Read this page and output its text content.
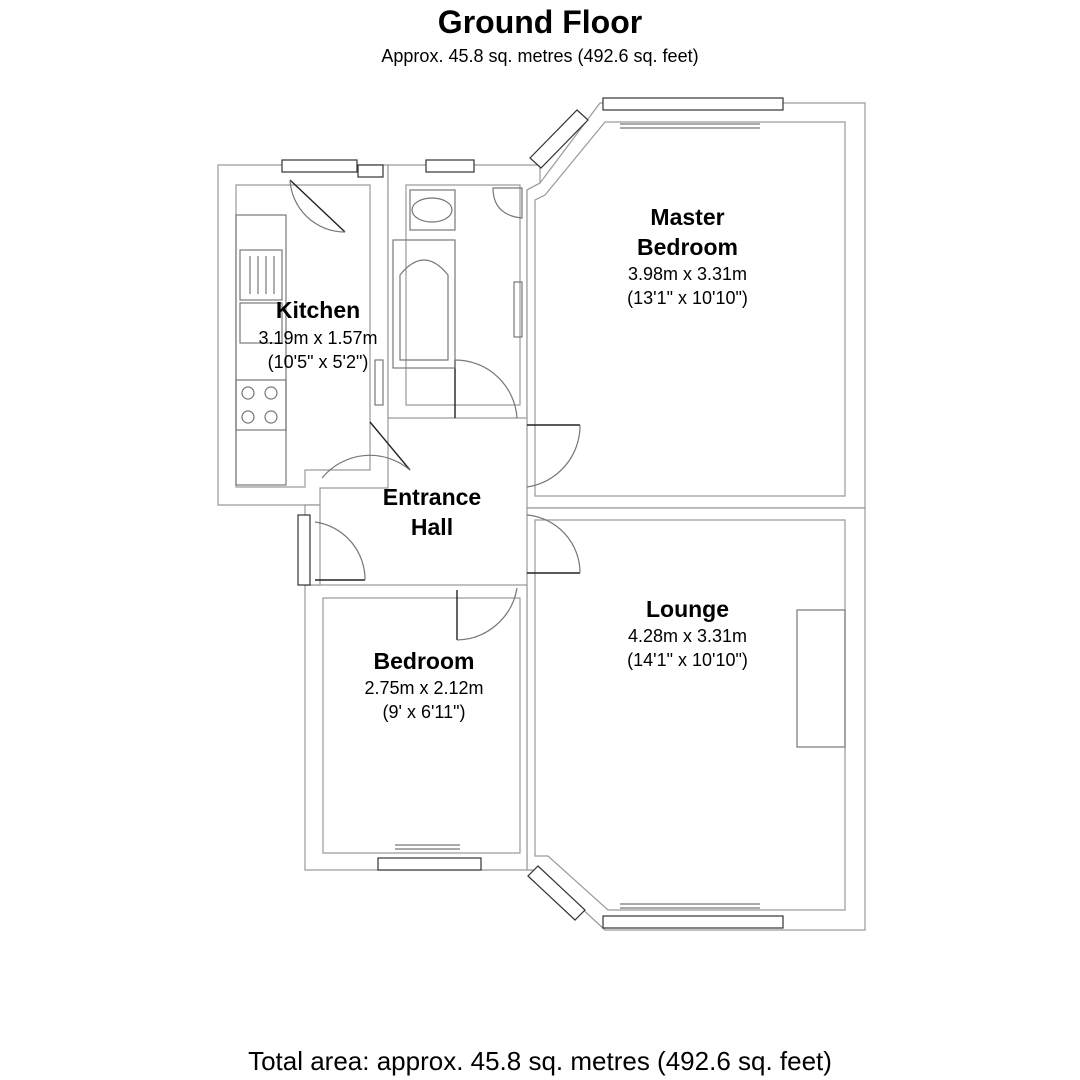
Ground Floor
Approx. 45.8 sq. metres (492.6 sq. feet)
Kitchen
3.19m x 1.57m
(10'5" x 5'2")
Master
Bedroom
3.98m x 3.31m
(13'1" x 10'10")
Entrance
Hall
Lounge
4.28m x 3.31m
(14'1" x 10'10")
Bedroom
2.75m x 2.12m
(9' x 6'11")
Total area: approx. 45.8 sq. metres (492.6 sq. feet)
